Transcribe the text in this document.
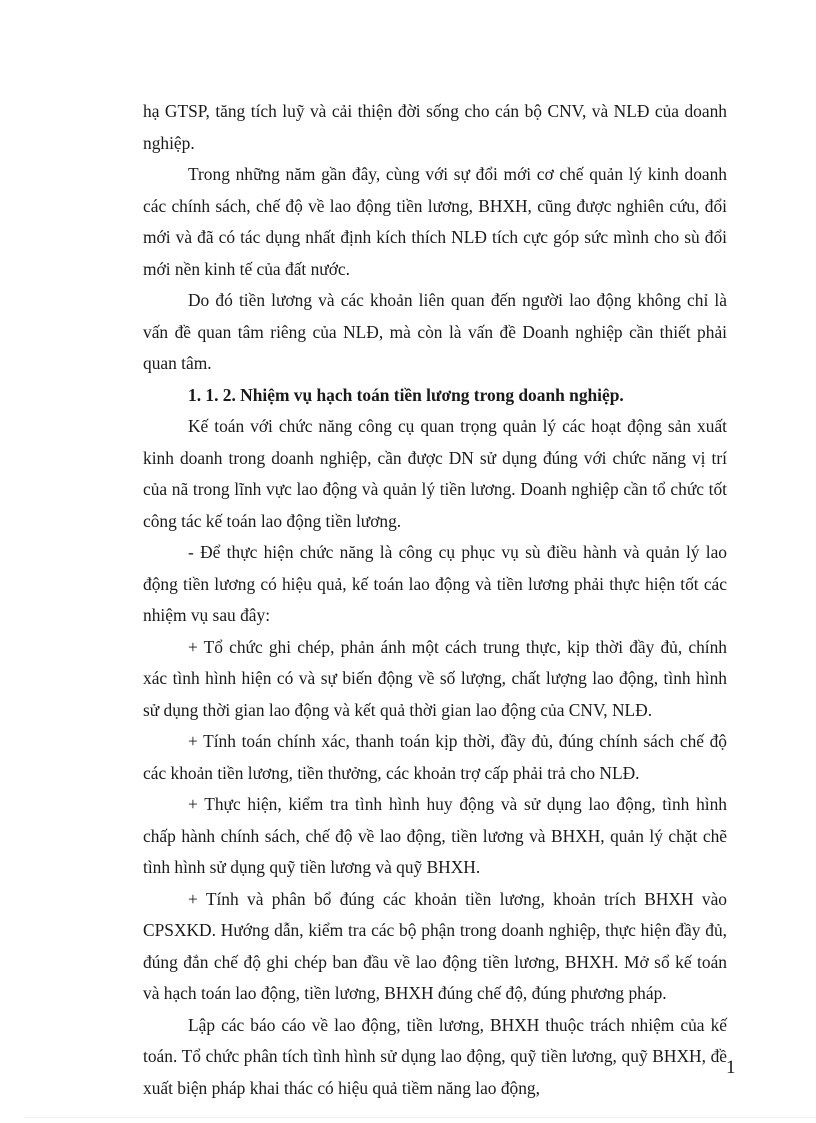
hạ GTSP, tăng tích luỹ và cải thiện đời sống cho cán bộ CNV, và NLĐ của doanh nghiệp.

Trong những năm gần đây, cùng với sự đổi mới cơ chế quản lý kinh doanh các chính sách, chế độ về lao động tiền lương, BHXH, cũng được nghiên cứu, đổi mới và đã có tác dụng nhất định kích thích NLĐ tích cực góp sức mình cho sù đổi mới nền kinh tế của đất nước.

Do đó tiền lương và các khoản liên quan đến người lao động không chỉ là vấn đề quan tâm riêng của NLĐ, mà còn là vấn đề Doanh nghiệp cần thiết phải quan tâm.

1. 1. 2. Nhiệm vụ hạch toán tiền lương trong doanh nghiệp.

Kế toán với chức năng công cụ quan trọng quản lý các hoạt động sản xuất kinh doanh trong doanh nghiệp, cần được DN sử dụng đúng với chức năng vị trí của nã trong lĩnh vực lao động và quản lý tiền lương. Doanh nghiệp cần tổ chức tốt công tác kế toán lao động tiền lương.

- Để thực hiện chức năng là công cụ phục vụ sù điều hành và quản lý lao động tiền lương có hiệu quả, kế toán lao động và tiền lương phải thực hiện tốt các nhiệm vụ sau đây:

+ Tổ chức ghi chép, phản ánh một cách trung thực, kịp thời đầy đủ, chính xác tình hình hiện có và sự biến động về số lượng, chất lượng lao động, tình hình sử dụng thời gian lao động và kết quả thời gian lao động của CNV, NLĐ.

+ Tính toán chính xác, thanh toán kịp thời, đầy đủ, đúng chính sách chế độ các khoản tiền lương, tiền thưởng, các khoản trợ cấp phải trả cho NLĐ.

+ Thực hiện, kiểm tra tình hình huy động và sử dụng lao động, tình hình chấp hành chính sách, chế độ về lao động, tiền lương và BHXH, quản lý chặt chẽ tình hình sử dụng quỹ tiền lương và quỹ BHXH.

+ Tính và phân bổ đúng các khoản tiền lương, khoản trích BHXH vào CPSXKD. Hướng dẫn, kiểm tra các bộ phận trong doanh nghiệp, thực hiện đầy đủ, đúng đắn chế độ ghi chép ban đầu về lao động tiền lương, BHXH. Mở sổ kế toán và hạch toán lao động, tiền lương, BHXH đúng chế độ, đúng phương pháp.

Lập các báo cáo về lao động, tiền lương, BHXH thuộc trách nhiệm của kế toán. Tổ chức phân tích tình hình sử dụng lao động, quỹ tiền lương, quỹ BHXH, đề xuất biện pháp khai thác có hiệu quả tiềm năng lao động,

1
